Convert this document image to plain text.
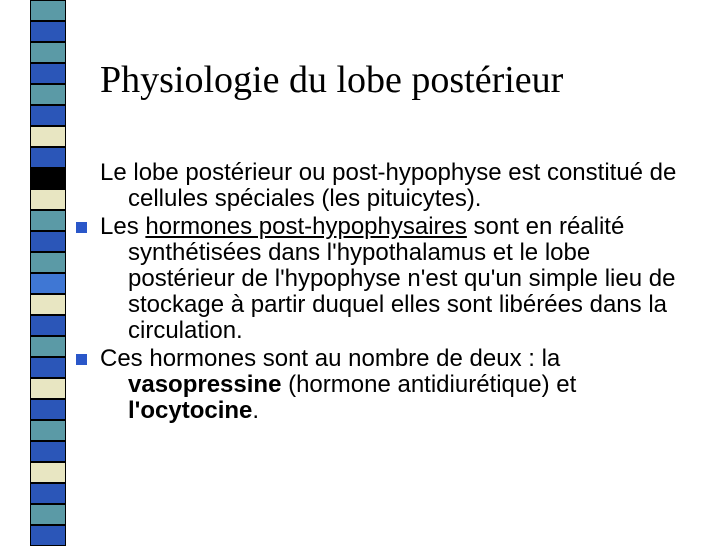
Physiologie du lobe postérieur

Le lobe postérieur ou post-hypophyse est constitué de cellules spéciales (les pituicytes).

Les hormones post-hypophysaires sont en réalité synthétisées dans l'hypothalamus et le lobe postérieur de l'hypophyse n'est qu'un simple lieu de stockage à partir duquel elles sont libérées dans la circulation.

Ces hormones sont au nombre de deux : la vasopressine (hormone antidiurétique) et l'ocytocine.
